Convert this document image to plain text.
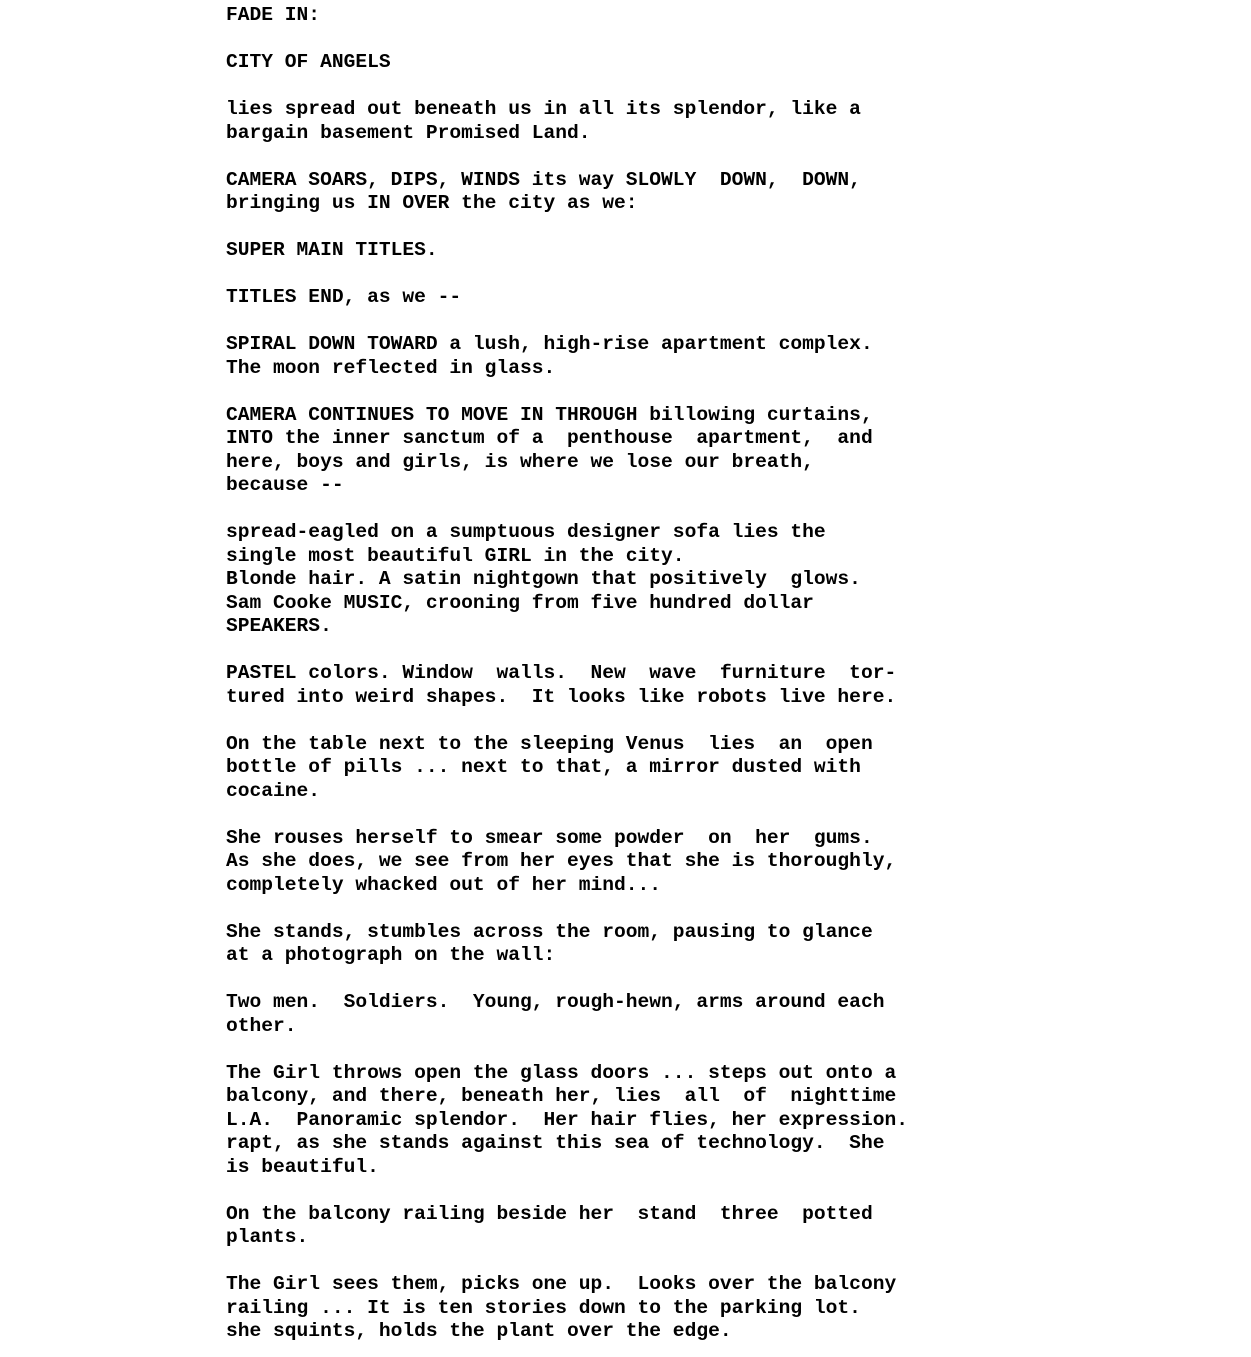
FADE IN:
CITY OF ANGELS
lies spread out beneath us in all its splendor, like a
bargain basement Promised Land.
CAMERA SOARS, DIPS, WINDS its way SLOWLY  DOWN,  DOWN,
bringing us IN OVER the city as we:
SUPER MAIN TITLES.
TITLES END, as we --
SPIRAL DOWN TOWARD a lush, high-rise apartment complex.
The moon reflected in glass.
CAMERA CONTINUES TO MOVE IN THROUGH billowing curtains,
INTO the inner sanctum of a  penthouse  apartment,  and
here, boys and girls, is where we lose our breath,
because --
spread-eagled on a sumptuous designer sofa lies the
single most beautiful GIRL in the city.
Blonde hair. A satin nightgown that positively  glows.
Sam Cooke MUSIC, crooning from five hundred dollar
SPEAKERS.
PASTEL colors. Window  walls.  New  wave  furniture  tor-
tured into weird shapes.  It looks like robots live here.
On the table next to the sleeping Venus  lies  an  open
bottle of pills ... next to that, a mirror dusted with
cocaine.
She rouses herself to smear some powder  on  her  gums.
As she does, we see from her eyes that she is thoroughly,
completely whacked out of her mind...
She stands, stumbles across the room, pausing to glance
at a photograph on the wall:
Two men.  Soldiers.  Young, rough-hewn, arms around each
other.
The Girl throws open the glass doors ... steps out onto a
balcony, and there, beneath her, lies  all  of  nighttime
L.A.  Panoramic splendor.  Her hair flies, her expression.
rapt, as she stands against this sea of technology.  She
is beautiful.
On the balcony railing beside her  stand  three  potted
plants.
The Girl sees them, picks one up.  Looks over the balcony
railing ... It is ten stories down to the parking lot.
she squints, holds the plant over the edge.
